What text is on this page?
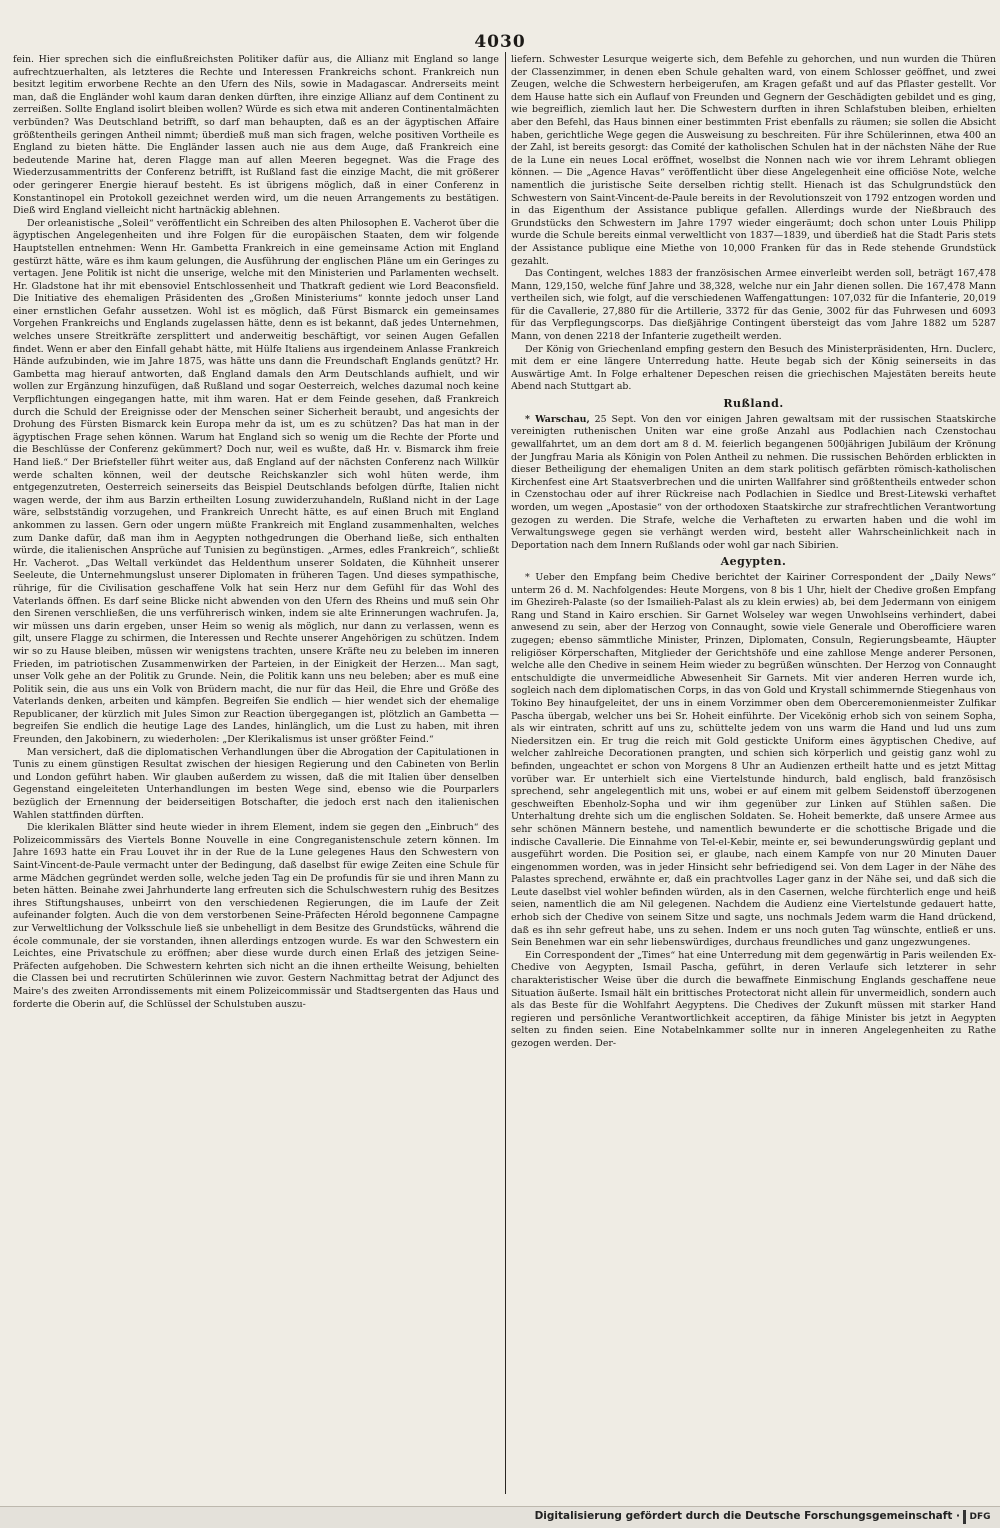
4030

fein. Hier sprechen sich die einflußreichsten Politiker dafür aus, die Allianz mit England so lange aufrechtzuerhalten, als letzteres die Rechte und Interessen Frankreichs schont. Frankreich nun besitzt legitim erworbene Rechte an den Ufern des Nils, sowie in Madagascar. Andrerseits meint man, daß die Engländer wohl kaum daran denken dürften, ihre einzige Allianz auf dem Continent zu zerreißen. Sollte England isolirt bleiben wollen? Würde es sich etwa mit anderen Continentalmächten verbünden? Was Deutschland betrifft, so darf man behaupten, daß es an der ägyptischen Affaire größtentheils geringen Antheil nimmt; überdieß muß man sich fragen, welche positiven Vortheile es England zu bieten hätte. Die Engländer lassen auch nie aus dem Auge, daß Frankreich eine bedeutende Marine hat, deren Flagge man auf allen Meeren begegnet. Was die Frage des Wiederzusammentritts der Conferenz betrifft, ist Rußland fast die einzige Macht, die mit größerer oder geringerer Energie hierauf besteht. Es ist übrigens möglich, daß in einer Conferenz in Konstantinopel ein Protokoll gezeichnet werden wird, um die neuen Arrangements zu bestätigen. Dieß wird England vielleicht nicht hartnäckig ablehnen.

Der orleanistische „Soleil“ veröffentlicht ein Schreiben des alten Philosophen E. Vacherot über die ägyptischen Angelegenheiten und ihre Folgen für die europäischen Staaten, dem wir folgende Hauptstellen entnehmen: Wenn Hr. Gambetta Frankreich in eine gemeinsame Action mit England gestürzt hätte, wäre es ihm kaum gelungen, die Ausführung der englischen Pläne um ein Geringes zu vertagen. Jene Politik ist nicht die unserige, welche mit den Ministerien und Parlamenten wechselt. Hr. Gladstone hat ihr mit ebensoviel Entschlossenheit und Thatkraft gedient wie Lord Beaconsfield. Die Initiative des ehemaligen Präsidenten des „Großen Ministeriums“ konnte jedoch unser Land einer ernstlichen Gefahr aussetzen. Wohl ist es möglich, daß Fürst Bismarck ein gemeinsames Vorgehen Frankreichs und Englands zugelassen hätte, denn es ist bekannt, daß jedes Unternehmen, welches unsere Streitkräfte zersplittert und anderweitig beschäftigt, vor seinen Augen Gefallen findet. Wenn er aber den Einfall gehabt hätte, mit Hülfe Italiens aus irgendeinem Anlasse Frankreich Hände aufzubinden, wie im Jahre 1875, was hätte uns dann die Freundschaft Englands genützt? Hr. Gambetta mag hierauf antworten, daß England damals den Arm Deutschlands aufhielt, und wir wollen zur Ergänzung hinzufügen, daß Rußland und sogar Oesterreich, welches dazumal noch keine Verpflichtungen eingegangen hatte, mit ihm waren. Hat er dem Feinde gesehen, daß Frankreich durch die Schuld der Ereignisse oder der Menschen seiner Sicherheit beraubt, und angesichts der Drohung des Fürsten Bismarck kein Europa mehr da ist, um es zu schützen? Das hat man in der ägyptischen Frage sehen können. Warum hat England sich so wenig um die Rechte der Pforte und die Beschlüsse der Conferenz gekümmert? Doch nur, weil es wußte, daß Hr. v. Bismarck ihm freie Hand ließ.“ Der Briefsteller führt weiter aus, daß England auf der nächsten Conferenz nach Willkür werde schalten können, weil der deutsche Reichskanzler sich wohl hüten werde, ihm entgegenzutreten, Oesterreich seinerseits das Beispiel Deutschlands befolgen dürfte, Italien nicht wagen werde, der ihm aus Barzin ertheilten Losung zuwiderzuhandeln, Rußland nicht in der Lage wäre, selbstständig vorzugehen, und Frankreich Unrecht hätte, es auf einen Bruch mit England ankommen zu lassen. Gern oder ungern müßte Frankreich mit England zusammenhalten, welches zum Danke dafür, daß man ihm in Aegypten nothgedrungen die Oberhand ließe, sich enthalten würde, die italienischen Ansprüche auf Tunisien zu begünstigen. „Armes, edles Frankreich“, schließt Hr. Vacherot. „Das Weltall verkündet das Heldenthum unserer Soldaten, die Kühnheit unserer Seeleute, die Unternehmungslust unserer Diplomaten in früheren Tagen. Und dieses sympathische, rührige, für die Civilisation geschaffene Volk hat sein Herz nur dem Gefühl für das Wohl des Vaterlands öffnen. Es darf seine Blicke nicht abwenden von den Ufern des Rheins und muß sein Ohr den Sirenen verschließen, die uns verführerisch winken, indem sie alte Erinnerungen wachrufen. Ja, wir müssen uns darin ergeben, unser Heim so wenig als möglich, nur dann zu verlassen, wenn es gilt, unsere Flagge zu schirmen, die Interessen und Rechte unserer Angehörigen zu schützen. Indem wir so zu Hause bleiben, müssen wir wenigstens trachten, unsere Kräfte neu zu beleben im inneren Frieden, im patriotischen Zusammenwirken der Parteien, in der Einigkeit der Herzen... Man sagt, unser Volk gehe an der Politik zu Grunde. Nein, die Politik kann uns neu beleben; aber es muß eine Politik sein, die aus uns ein Volk von Brüdern macht, die nur für das Heil, die Ehre und Größe des Vaterlands denken, arbeiten und kämpfen. Begreifen Sie endlich — hier wendet sich der ehemalige Republicaner, der kürzlich mit Jules Simon zur Reaction übergegangen ist, plötzlich an Gambetta — begreifen Sie endlich die heutige Lage des Landes, hinlänglich, um die Lust zu haben, mit ihren Freunden, den Jakobinern, zu wiederholen: „Der Klerikalismus ist unser größter Feind.“

Man versichert, daß die diplomatischen Verhandlungen über die Abrogation der Capitulationen in Tunis zu einem günstigen Resultat zwischen der hiesigen Regierung und den Cabineten von Berlin und London geführt haben. Wir glauben außerdem zu wissen, daß die mit Italien über denselben Gegenstand eingeleiteten Unterhandlungen im besten Wege sind, ebenso wie die Pourparlers bezüglich der Ernennung der beiderseitigen Botschafter, die jedoch erst nach den italienischen Wahlen stattfinden dürften.

Die klerikalen Blätter sind heute wieder in ihrem Element, indem sie gegen den „Einbruch“ des Polizeicommissärs des Viertels Bonne Nouvelle in eine Congreganistenschule zetern können. Im Jahre 1693 hatte ein Frau Louvet ihr in der Rue de la Lune gelegenes Haus den Schwestern von Saint-Vincent-de-Paule vermacht unter der Bedingung, daß daselbst für ewige Zeiten eine Schule für arme Mädchen gegründet werden solle, welche jeden Tag ein De profundis für sie und ihren Mann zu beten hätten. Beinahe zwei Jahrhunderte lang erfreuten sich die Schulschwestern ruhig des Besitzes ihres Stiftungshauses, unbeirrt von den verschiedenen Regierungen, die im Laufe der Zeit aufeinander folgten. Auch die von dem verstorbenen Seine-Präfecten Hérold begonnene Campagne zur Verweltlichung der Volksschule ließ sie unbehelligt in dem Besitze des Grundstücks, während die école communale, der sie vorstanden, ihnen allerdings entzogen wurde. Es war den Schwestern ein Leichtes, eine Privatschule zu eröffnen; aber diese wurde durch einen Erlaß des jetzigen Seine-Präfecten aufgehoben. Die Schwestern kehrten sich nicht an die ihnen ertheilte Weisung, behielten die Classen bei und recrutirten Schülerinnen wie zuvor. Gestern Nachmittag betrat der Adjunct des Maire's des zweiten Arrondissements mit einem Polizeicommissär und Stadtsergenten das Haus und forderte die Oberin auf, die Schlüssel der Schulstuben auszu-

liefern. Schwester Lesurque weigerte sich, dem Befehle zu gehorchen, und nun wurden die Thüren der Classenzimmer, in denen eben Schule gehalten ward, von einem Schlosser geöffnet, und zwei Zeugen, welche die Schwestern herbeigerufen, am Kragen gefaßt und auf das Pflaster gestellt. Vor dem Hause hatte sich ein Auflauf von Freunden und Gegnern der Geschädigten gebildet und es ging, wie begreiflich, ziemlich laut her. Die Schwestern durften in ihren Schlafstuben bleiben, erhielten aber den Befehl, das Haus binnen einer bestimmten Frist ebenfalls zu räumen; sie sollen die Absicht haben, gerichtliche Wege gegen die Ausweisung zu beschreiten. Für ihre Schülerinnen, etwa 400 an der Zahl, ist bereits gesorgt: das Comité der katholischen Schulen hat in der nächsten Nähe der Rue de la Lune ein neues Local eröffnet, woselbst die Nonnen nach wie vor ihrem Lehramt obliegen können. — Die „Agence Havas“ veröffentlicht über diese Angelegenheit eine officiöse Note, welche namentlich die juristische Seite derselben richtig stellt. Hienach ist das Schulgrundstück den Schwestern von Saint-Vincent-de-Paule bereits in der Revolutionszeit von 1792 entzogen worden und in das Eigenthum der Assistance publique gefallen. Allerdings wurde der Nießbrauch des Grundstücks den Schwestern im Jahre 1797 wieder eingeräumt; doch schon unter Louis Philipp wurde die Schule bereits einmal verweltlicht von 1837—1839, und überdieß hat die Stadt Paris stets der Assistance publique eine Miethe von 10,000 Franken für das in Rede stehende Grundstück gezahlt.

Das Contingent, welches 1883 der französischen Armee einverleibt werden soll, beträgt 167,478 Mann, 129,150, welche fünf Jahre und 38,328, welche nur ein Jahr dienen sollen. Die 167,478 Mann vertheilen sich, wie folgt, auf die verschiedenen Waffengattungen: 107,032 für die Infanterie, 20,019 für die Cavallerie, 27,880 für die Artillerie, 3372 für das Genie, 3002 für das Fuhrwesen und 6093 für das Verpflegungscorps. Das dießjährige Contingent übersteigt das vom Jahre 1882 um 5287 Mann, von denen 2218 der Infanterie zugetheilt werden.

Der König von Griechenland empfing gestern den Besuch des Ministerpräsidenten, Hrn. Duclerc, mit dem er eine längere Unterredung hatte. Heute begab sich der König seinerseits in das Auswärtige Amt. In Folge erhaltener Depeschen reisen die griechischen Majestäten bereits heute Abend nach Stuttgart ab.

Rußland.

* Warschau, 25 Sept. Von den vor einigen Jahren gewaltsam mit der russischen Staatskirche vereinigten ruthenischen Uniten war eine große Anzahl aus Podlachien nach Czenstochau gewallfahrtet, um an dem dort am 8 d. M. feierlich begangenen 500jährigen Jubiläum der Krönung der Jungfrau Maria als Königin von Polen Antheil zu nehmen. Die russischen Behörden erblickten in dieser Betheiligung der ehemaligen Uniten an dem stark politisch gefärbten römisch-katholischen Kirchenfest eine Art Staatsverbrechen und die unirten Wallfahrer sind größtentheils entweder schon in Czenstochau oder auf ihrer Rückreise nach Podlachien in Siedlce und Brest-Litewski verhaftet worden, um wegen „Apostasie“ von der orthodoxen Staatskirche zur strafrechtlichen Verantwortung gezogen zu werden. Die Strafe, welche die Verhafteten zu erwarten haben und die wohl im Verwaltungswege gegen sie verhängt werden wird, besteht aller Wahrscheinlichkeit nach in Deportation nach dem Innern Rußlands oder wohl gar nach Sibirien.

Aegypten.

* Ueber den Empfang beim Chedive berichtet der Kairiner Correspondent der „Daily News“ unterm 26 d. M. Nachfolgendes: Heute Morgens, von 8 bis 1 Uhr, hielt der Chedive großen Empfang im Ghezireh-Palaste (so der Ismailieh-Palast als zu klein erwies) ab, bei dem Jedermann von einigem Rang und Stand in Kairo erschien. Sir Garnet Wolseley war wegen Unwohlseins verhindert, dabei anwesend zu sein, aber der Herzog von Connaught, sowie viele Generale und Oberofficiere waren zugegen; ebenso sämmtliche Minister, Prinzen, Diplomaten, Consuln, Regierungsbeamte, Häupter religiöser Körperschaften, Mitglieder der Gerichtshöfe und eine zahllose Menge anderer Personen, welche alle den Chedive in seinem Heim wieder zu begrüßen wünschten. Der Herzog von Connaught entschuldigte die unvermeidliche Abwesenheit Sir Garnets. Mit vier anderen Herren wurde ich, sogleich nach dem diplomatischen Corps, in das von Gold und Krystall schimmernde Stiegenhaus von Tokino Bey hinaufgeleitet, der uns in einem Vorzimmer oben dem Oberceremonienmeister Zulfikar Pascha übergab, welcher uns bei Sr. Hoheit einführte. Der Vicekönig erhob sich von seinem Sopha, als wir eintraten, schritt auf uns zu, schüttelte jedem von uns warm die Hand und lud uns zum Niedersitzen ein. Er trug die reich mit Gold gestickte Uniform eines ägyptischen Chedive, auf welcher zahlreiche Decorationen prangten, und schien sich körperlich und geistig ganz wohl zu befinden, ungeachtet er schon von Morgens 8 Uhr an Audienzen ertheilt hatte und es jetzt Mittag vorüber war. Er unterhielt sich eine Viertelstunde hindurch, bald englisch, bald französisch sprechend, sehr angelegentlich mit uns, wobei er auf einem mit gelbem Seidenstoff überzogenen geschweiften Ebenholz-Sopha und wir ihm gegenüber zur Linken auf Stühlen saßen. Die Unterhaltung drehte sich um die englischen Soldaten. Se. Hoheit bemerkte, daß unsere Armee aus sehr schönen Männern bestehe, und namentlich bewunderte er die schottische Brigade und die indische Cavallerie. Die Einnahme von Tel-el-Kebir, meinte er, sei bewunderungswürdig geplant und ausgeführt worden. Die Position sei, er glaube, nach einem Kampfe von nur 20 Minuten Dauer eingenommen worden, was in jeder Hinsicht sehr befriedigend sei. Von dem Lager in der Nähe des Palastes sprechend, erwähnte er, daß ein prachtvolles Lager ganz in der Nähe sei, und daß sich die Leute daselbst viel wohler befinden würden, als in den Casernen, welche fürchterlich enge und heiß seien, namentlich die am Nil gelegenen. Nachdem die Audienz eine Viertelstunde gedauert hatte, erhob sich der Chedive von seinem Sitze und sagte, uns nochmals Jedem warm die Hand drückend, daß es ihn sehr gefreut habe, uns zu sehen. Indem er uns noch guten Tag wünschte, entließ er uns. Sein Benehmen war ein sehr liebenswürdiges, durchaus freundliches und ganz ungezwungenes.

Ein Correspondent der „Times“ hat eine Unterredung mit dem gegenwärtig in Paris weilenden Ex-Chedive von Aegypten, Ismail Pascha, geführt, in deren Verlaufe sich letzterer in sehr charakteristischer Weise über die durch die bewaffnete Einmischung Englands geschaffene neue Situation äußerte. Ismail hält ein brittisches Protectorat nicht allein für unvermeidlich, sondern auch als das Beste für die Wohlfahrt Aegyptens. Die Chedives der Zukunft müssen mit starker Hand regieren und persönliche Verantwortlichkeit acceptiren, da fähige Minister bis jetzt in Aegypten selten zu finden seien. Eine Notabelnkammer sollte nur in inneren Angelegenheiten zu Rathe gezogen werden. Der-

Digitalisierung gefördert durch die Deutsche Forschungsgemeinschaft ·	DFG
